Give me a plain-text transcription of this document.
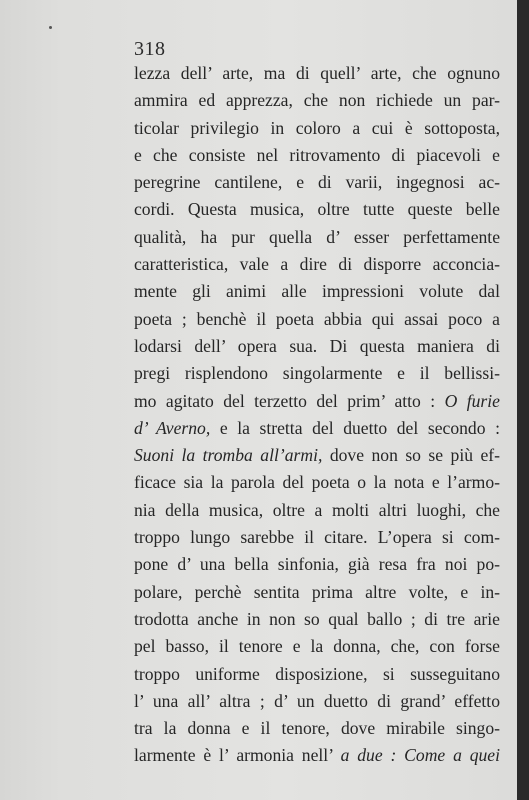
318
lezza dell’ arte, ma di quell’ arte, che ognuno
ammira ed apprezza, che non richiede un par-
ticolar privilegio in coloro a cui è sottoposta,
e che consiste nel ritrovamento di piacevoli e
peregrine cantilene, e di varii, ingegnosi ac-
cordi. Questa musica, oltre tutte queste belle
qualità, ha pur quella d’ esser perfettamente
caratteristica, vale a dire di disporre acconcia-
mente gli animi alle impressioni volute dal
poeta ; benchè il poeta abbia qui assai poco a
lodarsi dell’ opera sua. Di questa maniera di
pregi risplendono singolarmente e il bellissi-
mo agitato del terzetto del prim’ atto : O furie
d’ Averno, e la stretta del duetto del secondo :
Suoni la tromba all’armi, dove non so se più ef-
ficace sia la parola del poeta o la nota e l’armo-
nia della musica, oltre a molti altri luoghi, che
troppo lungo sarebbe il citare. L’opera si com-
pone d’ una bella sinfonia, già resa fra noi po-
polare, perchè sentita prima altre volte, e in-
trodotta anche in non so qual ballo ; di tre arie
pel basso, il tenore e la donna, che, con forse
troppo uniforme disposizione, si susseguitano
l’ una all’ altra ; d’ un duetto di grand’ effetto
tra la donna e il tenore, dove mirabile singo-
larmente è l’ armonia nell’ a due : Come a quei
